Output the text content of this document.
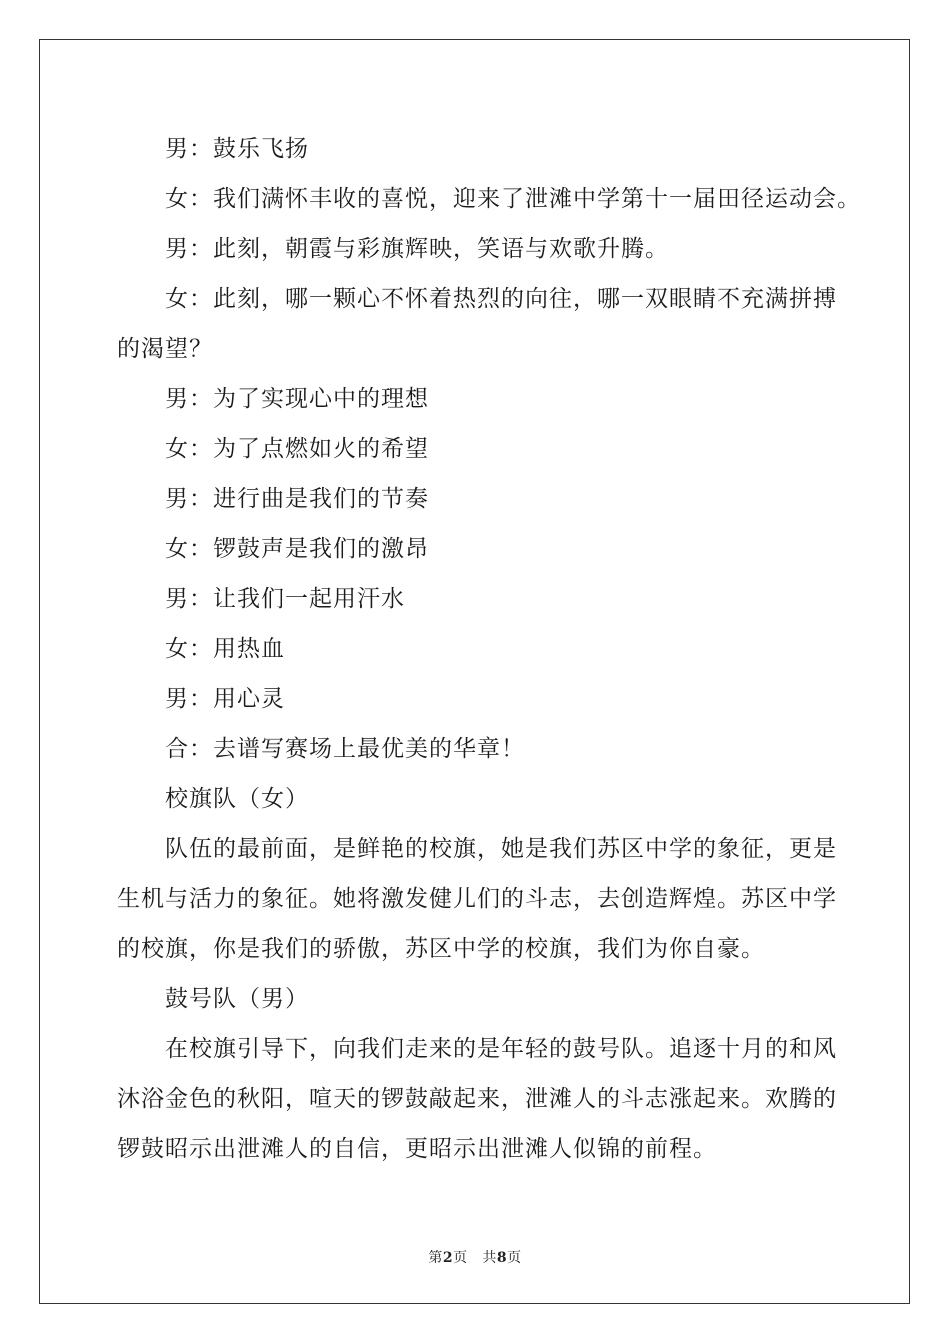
男：鼓乐飞扬
女：我们满怀丰收的喜悦，迎来了泄滩中学第十一届田径运动会。
男：此刻，朝霞与彩旗辉映，笑语与欢歌升腾。
女：此刻，哪一颗心不怀着热烈的向往，哪一双眼睛不充满拼搏
的渴望？
男：为了实现心中的理想
女：为了点燃如火的希望
男：进行曲是我们的节奏
女：锣鼓声是我们的激昂
男：让我们一起用汗水
女：用热血
男：用心灵
合：去谱写赛场上最优美的华章！
校旗队（女）
队伍的最前面，是鲜艳的校旗，她是我们苏区中学的象征，更是
生机与活力的象征。她将激发健儿们的斗志，去创造辉煌。苏区中学
的校旗，你是我们的骄傲，苏区中学的校旗，我们为你自豪。
鼓号队（男）
在校旗引导下，向我们走来的是年轻的鼓号队。追逐十月的和风
沐浴金色的秋阳，喧天的锣鼓敲起来，泄滩人的斗志涨起来。欢腾的
锣鼓昭示出泄滩人的自信，更昭示出泄滩人似锦的前程。
第2页 共8页
